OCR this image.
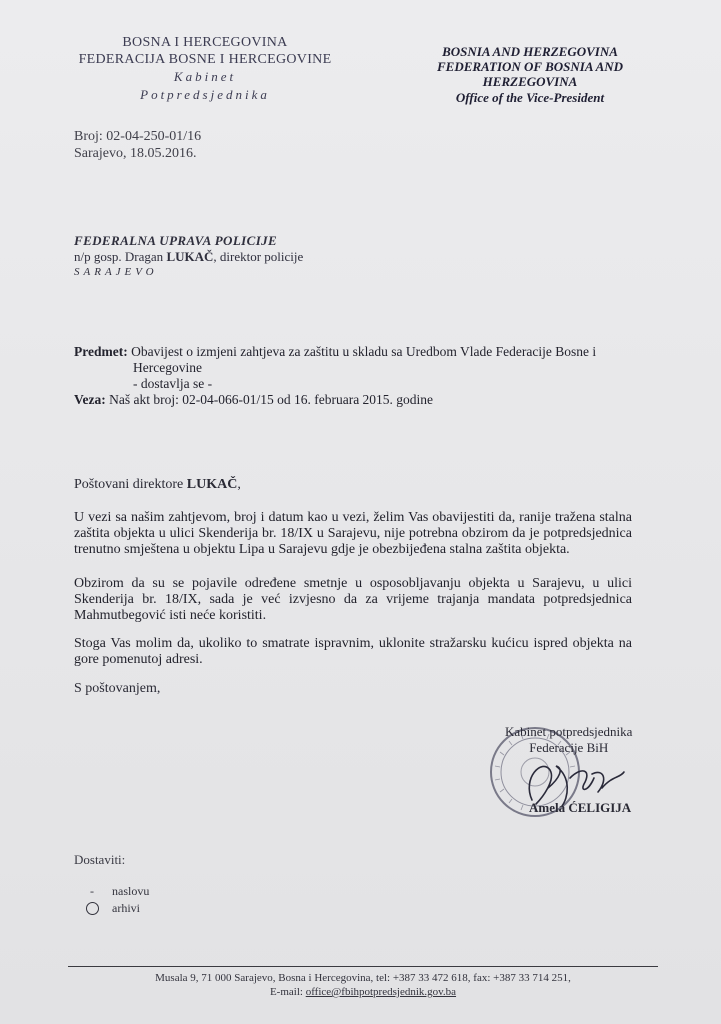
BOSNA I HERCEGOVINA
FEDERACIJA BOSNE I HERCEGOVINE
Kabinet
Potpredsjednika
BOSNIA AND HERZEGOVINA
FEDERATION OF BOSNIA AND
HERZEGOVINA
Office of the Vice-President
Broj: 02-04-250-01/16
Sarajevo, 18.05.2016.
FEDERALNA UPRAVA POLICIJE
n/p gosp. Dragan LUKAČ, direktor policije
SARAJEVO
Predmet: Obavijest o izmjeni zahtjeva za zaštitu u skladu sa Uredbom Vlade Federacije Bosne i
Hercegovine
- dostavlja se -
Veza: Naš akt broj: 02-04-066-01/15 od 16. februara 2015. godine
Poštovani direktore LUKAČ,
U vezi sa našim zahtjevom, broj i datum kao u vezi, želim Vas obavijestiti da, ranije tražena stalna zaštita objekta u ulici Skenderija br. 18/IX u Sarajevu, nije potrebna obzirom da je potpredsjednica trenutno smještena u objektu Lipa u Sarajevu gdje je obezbijeđena stalna zaštita objekta.
Obzirom da su se pojavile određene smetnje u osposobljavanju objekta u Sarajevu, u ulici Skenderija br. 18/IX, sada je već izvjesno da za vrijeme trajanja mandata potpredsjednica Mahmutbegović isti neće koristiti.
Stoga Vas molim da, ukoliko to smatrate ispravnim, uklonite stražarsku kućicu ispred objekta na gore pomenutoj adresi.
S poštovanjem,
Kabinet potpredsjednika
Federacije BiH
Amela ĆELIGIJA
Dostaviti:
- naslovu
arhivi
Musala 9, 71 000 Sarajevo, Bosna i Hercegovina, tel: +387 33 472 618, fax: +387 33 714 251,
E-mail: office@fbihpotpredsjednik.gov.ba
